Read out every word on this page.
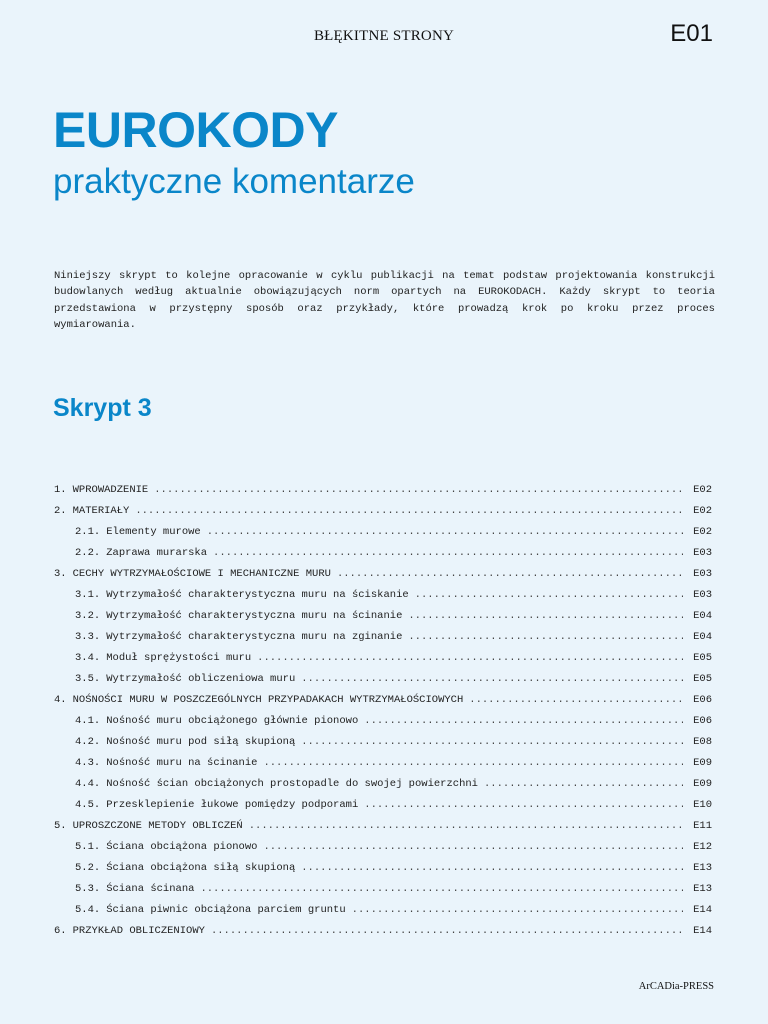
BŁĘKITNE STRONY	E01
EUROKODY
praktyczne komentarze

Niniejszy skrypt to kolejne opracowanie w cyklu publikacji na temat podstaw projektowania konstrukcji budowlanych według aktualnie obowiązujących norm opartych na EUROKODACH. Każdy skrypt to teoria przedstawiona w przystępny sposób oraz przykłady, które prowadzą krok po kroku przez proces wymiarowania.

Skrypt 3
1. WPROWADZENIE .....	E02
2. MATERIAŁY .....	E02
2.1. Elementy murowe .....	E02
2.2. Zaprawa murarska .....	E03
3. CECHY WYTRZYMAŁOŚCIOWE I MECHANICZNE MURU .....	E03
3.1. Wytrzymałość charakterystyczna muru na ściskanie .....	E03
3.2. Wytrzymałość charakterystyczna muru na ścinanie .....	E04
3.3. Wytrzymałość charakterystyczna muru na zginanie .....	E04
3.4. Moduł sprężystości muru .....	E05
3.5. Wytrzymałość obliczeniowa muru .....	E05
4. NOŚNOŚCI MURU W POSZCZEGÓLNYCH PRZYPADAKACH WYTRZYMAŁOŚCIOWYCH .....	E06
4.1. Nośność muru obciążonego głównie pionowo .....	E06
4.2. Nośność muru pod siłą skupioną .....	E08
4.3. Nośność muru na ścinanie .....	E09
4.4. Nośność ścian obciążonych prostopadle do swojej powierzchni .....	E09
4.5. Przesklepienie łukowe pomiędzy podporami .....	E10
5. UPROSZCZONE METODY OBLICZEŃ .....	E11
5.1. Ściana obciążona pionowo .....	E12
5.2. Ściana obciążona siłą skupioną .....	E13
5.3. Ściana ścinana .....	E13
5.4. Ściana piwnic obciążona parciem gruntu .....	E14
6. PRZYKŁAD OBLICZENIOWY .....	E14
ArCADia-PRESS
